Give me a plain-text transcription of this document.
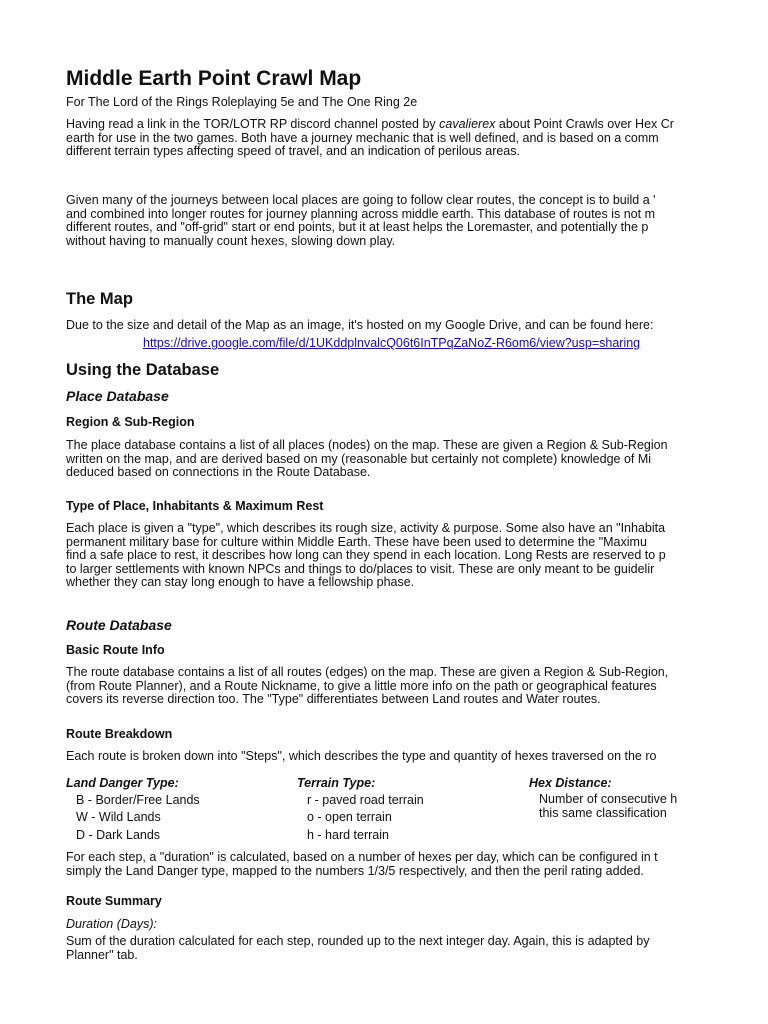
Middle Earth Point Crawl Map
For The Lord of the Rings Roleplaying 5e and The One Ring 2e
Having read a link in the TOR/LOTR RP discord channel posted by cavalierex about Point Crawls over Hex Cr
earth for use in the two games. Both have a journey mechanic that is well defined, and is based on a comm
different terrain types affecting speed of travel, and an indication of perilous areas.
Given many of the journeys between local places are going to follow clear routes, the concept is to build a '
and combined into longer routes for journey planning across middle earth. This database of routes is not m
different routes, and "off-grid" start or end points, but it at least helps the Loremaster, and potentially the p
without having to manually count hexes, slowing down play.
The Map
Due to the size and detail of the Map as an image, it's hosted on my Google Drive, and can be found here:
https://drive.google.com/file/d/1UKddplnvalcQ06t6InTPqZaNoZ-R6om6/view?usp=sharing
Using the Database
Place Database
Region & Sub-Region
The place database contains a list of all places (nodes) on the map. These are given a Region & Sub-Region
written on the map, and are derived based on my (reasonable but certainly not complete) knowledge of Mi
deduced based on connections in the Route Database.
Type of Place, Inhabitants & Maximum Rest
Each place is given a "type", which describes its rough size, activity & purpose. Some also have an "Inhabita
permanent military base for culture within Middle Earth. These have been used to determine the "Maximu
find a safe place to rest, it describes how long can they spend in each location. Long Rests are reserved to p
to larger settlements with known NPCs and things to do/places to visit. These are only meant to be guidelir
whether they can stay long enough to have a fellowship phase.
Route Database
Basic Route Info
The route database contains a list of all routes (edges) on the map. These are given a Region & Sub-Region,
(from Route Planner), and a Route Nickname, to give a little more info on the path or geographical features
covers its reverse direction too. The "Type" differentiates between Land routes and Water routes.
Route Breakdown
Each route is broken down into "Steps", which describes the type and quantity of hexes traversed on the ro
Land Danger Type:
B - Border/Free Lands
W - Wild Lands
D - Dark Lands
Terrain Type:
r - paved road terrain
o - open terrain
h - hard terrain
Hex Distance:
Number of consecutive h
this same classification
For each step, a "duration" is calculated, based on a number of hexes per day, which can be configured in t
simply the Land Danger type, mapped to the numbers 1/3/5 respectively, and then the peril rating added.
Route Summary
Duration (Days):
Sum of the duration calculated for each step, rounded up to the next integer day. Again, this is adapted by
Planner" tab.
